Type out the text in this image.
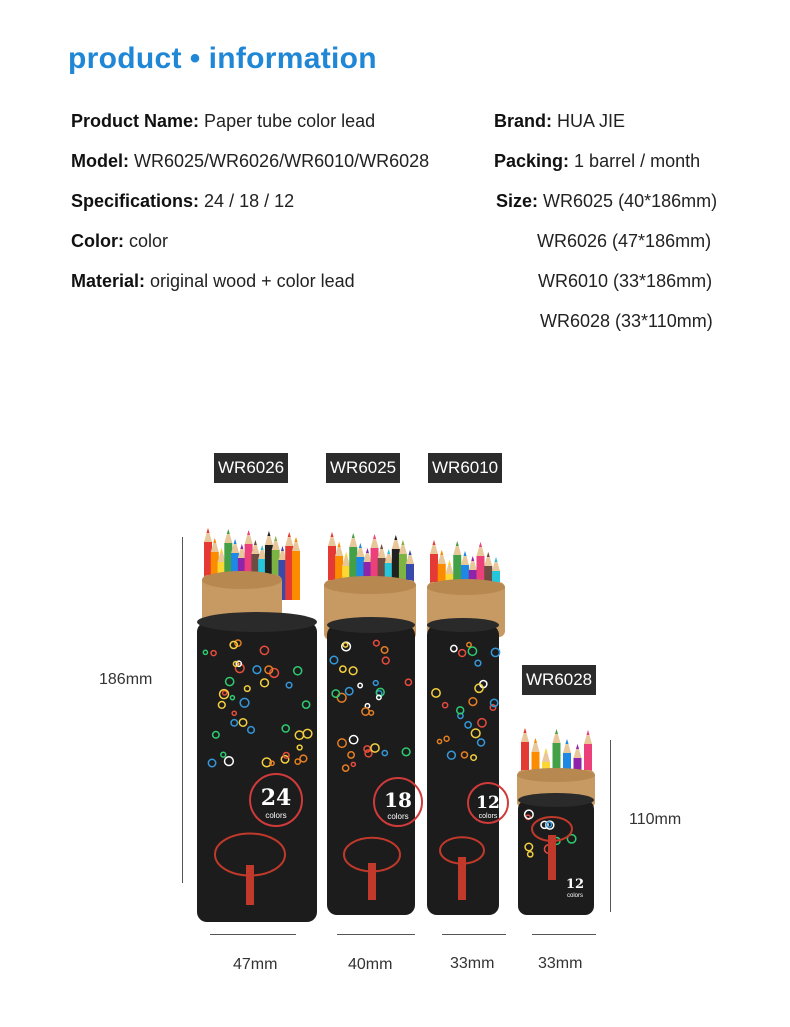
product • information
Product Name: Paper tube color lead
Model: WR6025/WR6026/WR6010/WR6028
Specifications: 24 / 18 / 12
Color: color
Material: original wood + color lead
Brand: HUA JIE
Packing: 1 barrel / month
Size: WR6025 (40*186mm)
WR6026 (47*186mm)
WR6010 (33*186mm)
WR6028 (33*110mm)
WR6026	WR6025 WR6010
WR6028
186mm
110mm
47mm	40mm	33mm	33mm
24
colors
18
colors
12
colors
12
colors
